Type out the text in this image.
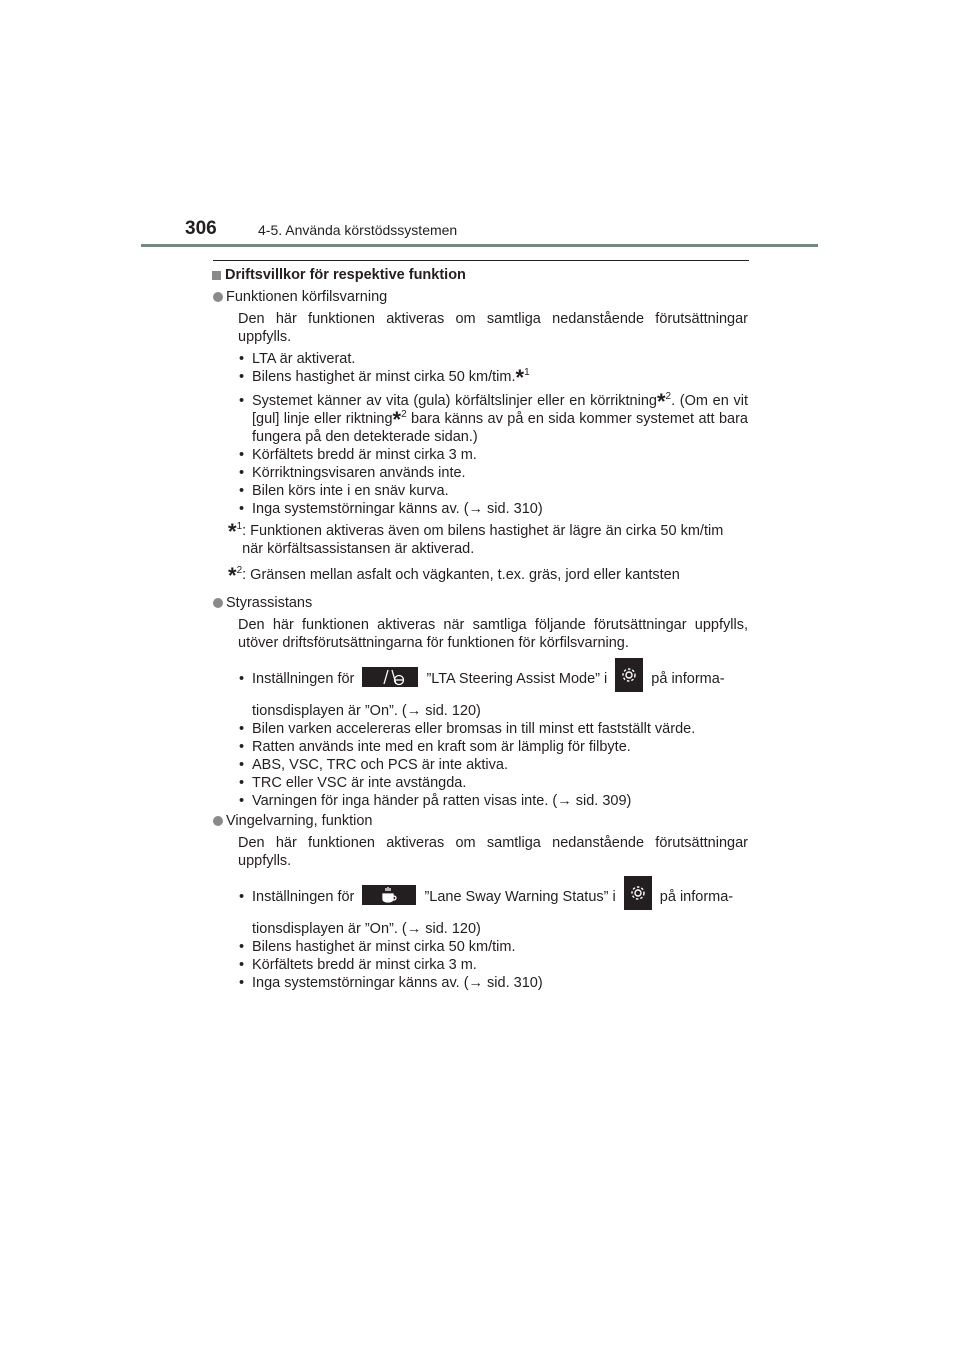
306	4-5. Använda körstödssystemen
Driftsvillkor för respektive funktion
Funktionen körfilsvarning
Den här funktionen aktiveras om samtliga nedanstående förutsättningar uppfylls.
• LTA är aktiverat.
• Bilens hastighet är minst cirka 50 km/tim.*$^1$
• Systemet känner av vita (gula) körfältslinjer eller en körriktning*$^2$. (Om en vit [gul] linje eller riktning*$^2$ bara känns av på en sida kommer systemet att bara fungera på den detekterade sidan.)
• Körfältets bredd är minst cirka 3 m.
• Körriktningsvisaren används inte.
• Bilen körs inte i en snäv kurva.
• Inga systemstörningar känns av. (→ sid. 310)
*$^1$ : Funktionen aktiveras även om bilens hastighet är lägre än cirka 50 km/tim när körfältsassistansen är aktiverad.
*$^2$ : Gränsen mellan asfalt och vägkanten, t.ex. gräs, jord eller kantsten
Styrassistans
Den här funktionen aktiveras när samtliga följande förutsättningar uppfylls, utöver driftsförutsättningarna för funktionen för körfilsvarning.
• Inställningen för	”LTA Steering Assist Mode” i	på informa-
tionsdisplayen är ”On”. (→ sid. 120)
• Bilen varken accelereras eller bromsas in till minst ett fastställt värde.
• Ratten används inte med en kraft som är lämplig för filbyte.
• ABS, VSC, TRC och PCS är inte aktiva.
• TRC eller VSC är inte avstängda.
• Varningen för inga händer på ratten visas inte. (→ sid. 309)
Vingelvarning, funktion
Den här funktionen aktiveras om samtliga nedanstående förutsättningar uppfylls.
• Inställningen för	”Lane Sway Warning Status” i	på informa-
tionsdisplayen är ”On”. (→ sid. 120)
• Bilens hastighet är minst cirka 50 km/tim.
• Körfältets bredd är minst cirka 3 m.
• Inga systemstörningar känns av. (→ sid. 310)
